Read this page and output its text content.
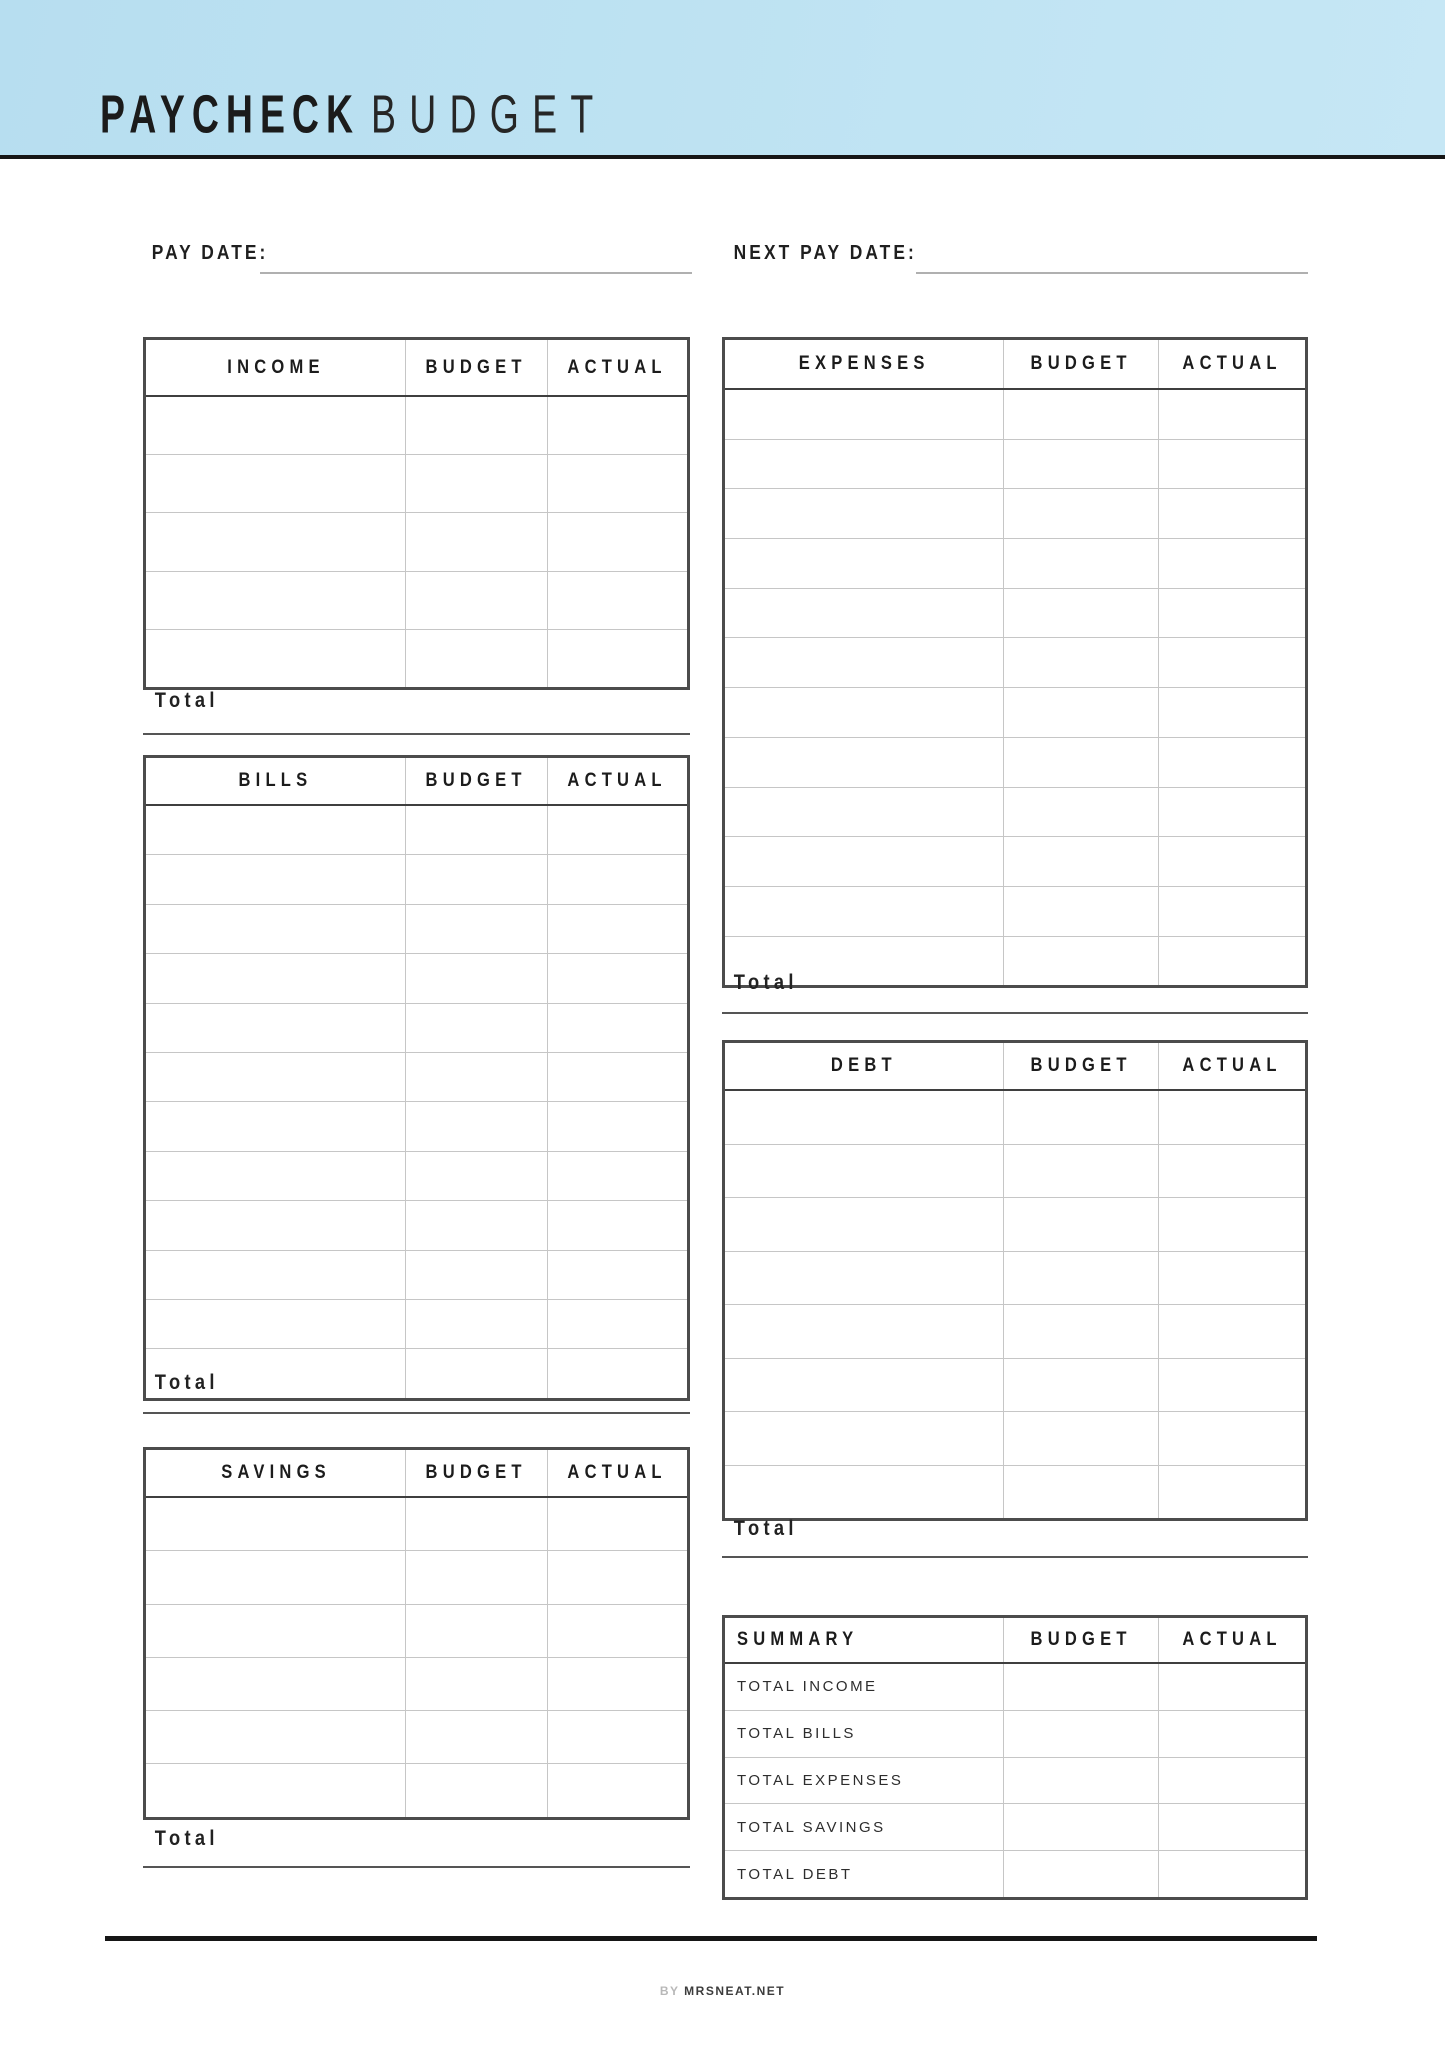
PAYCHECK BUDGET
PAY DATE:	NEXT PAY DATE:
INCOME	BUDGET	ACTUAL

Total
BILLS	BUDGET	ACTUAL

Total
SAVINGS	BUDGET	ACTUAL

Total
EXPENSES	BUDGET	ACTUAL

Total
DEBT	BUDGET	ACTUAL

Total
SUMMARY	BUDGET	ACTUAL
TOTAL INCOME		
TOTAL BILLS		
TOTAL EXPENSES		
TOTAL SAVINGS		
TOTAL DEBT		
BY MRSNEAT.NET
